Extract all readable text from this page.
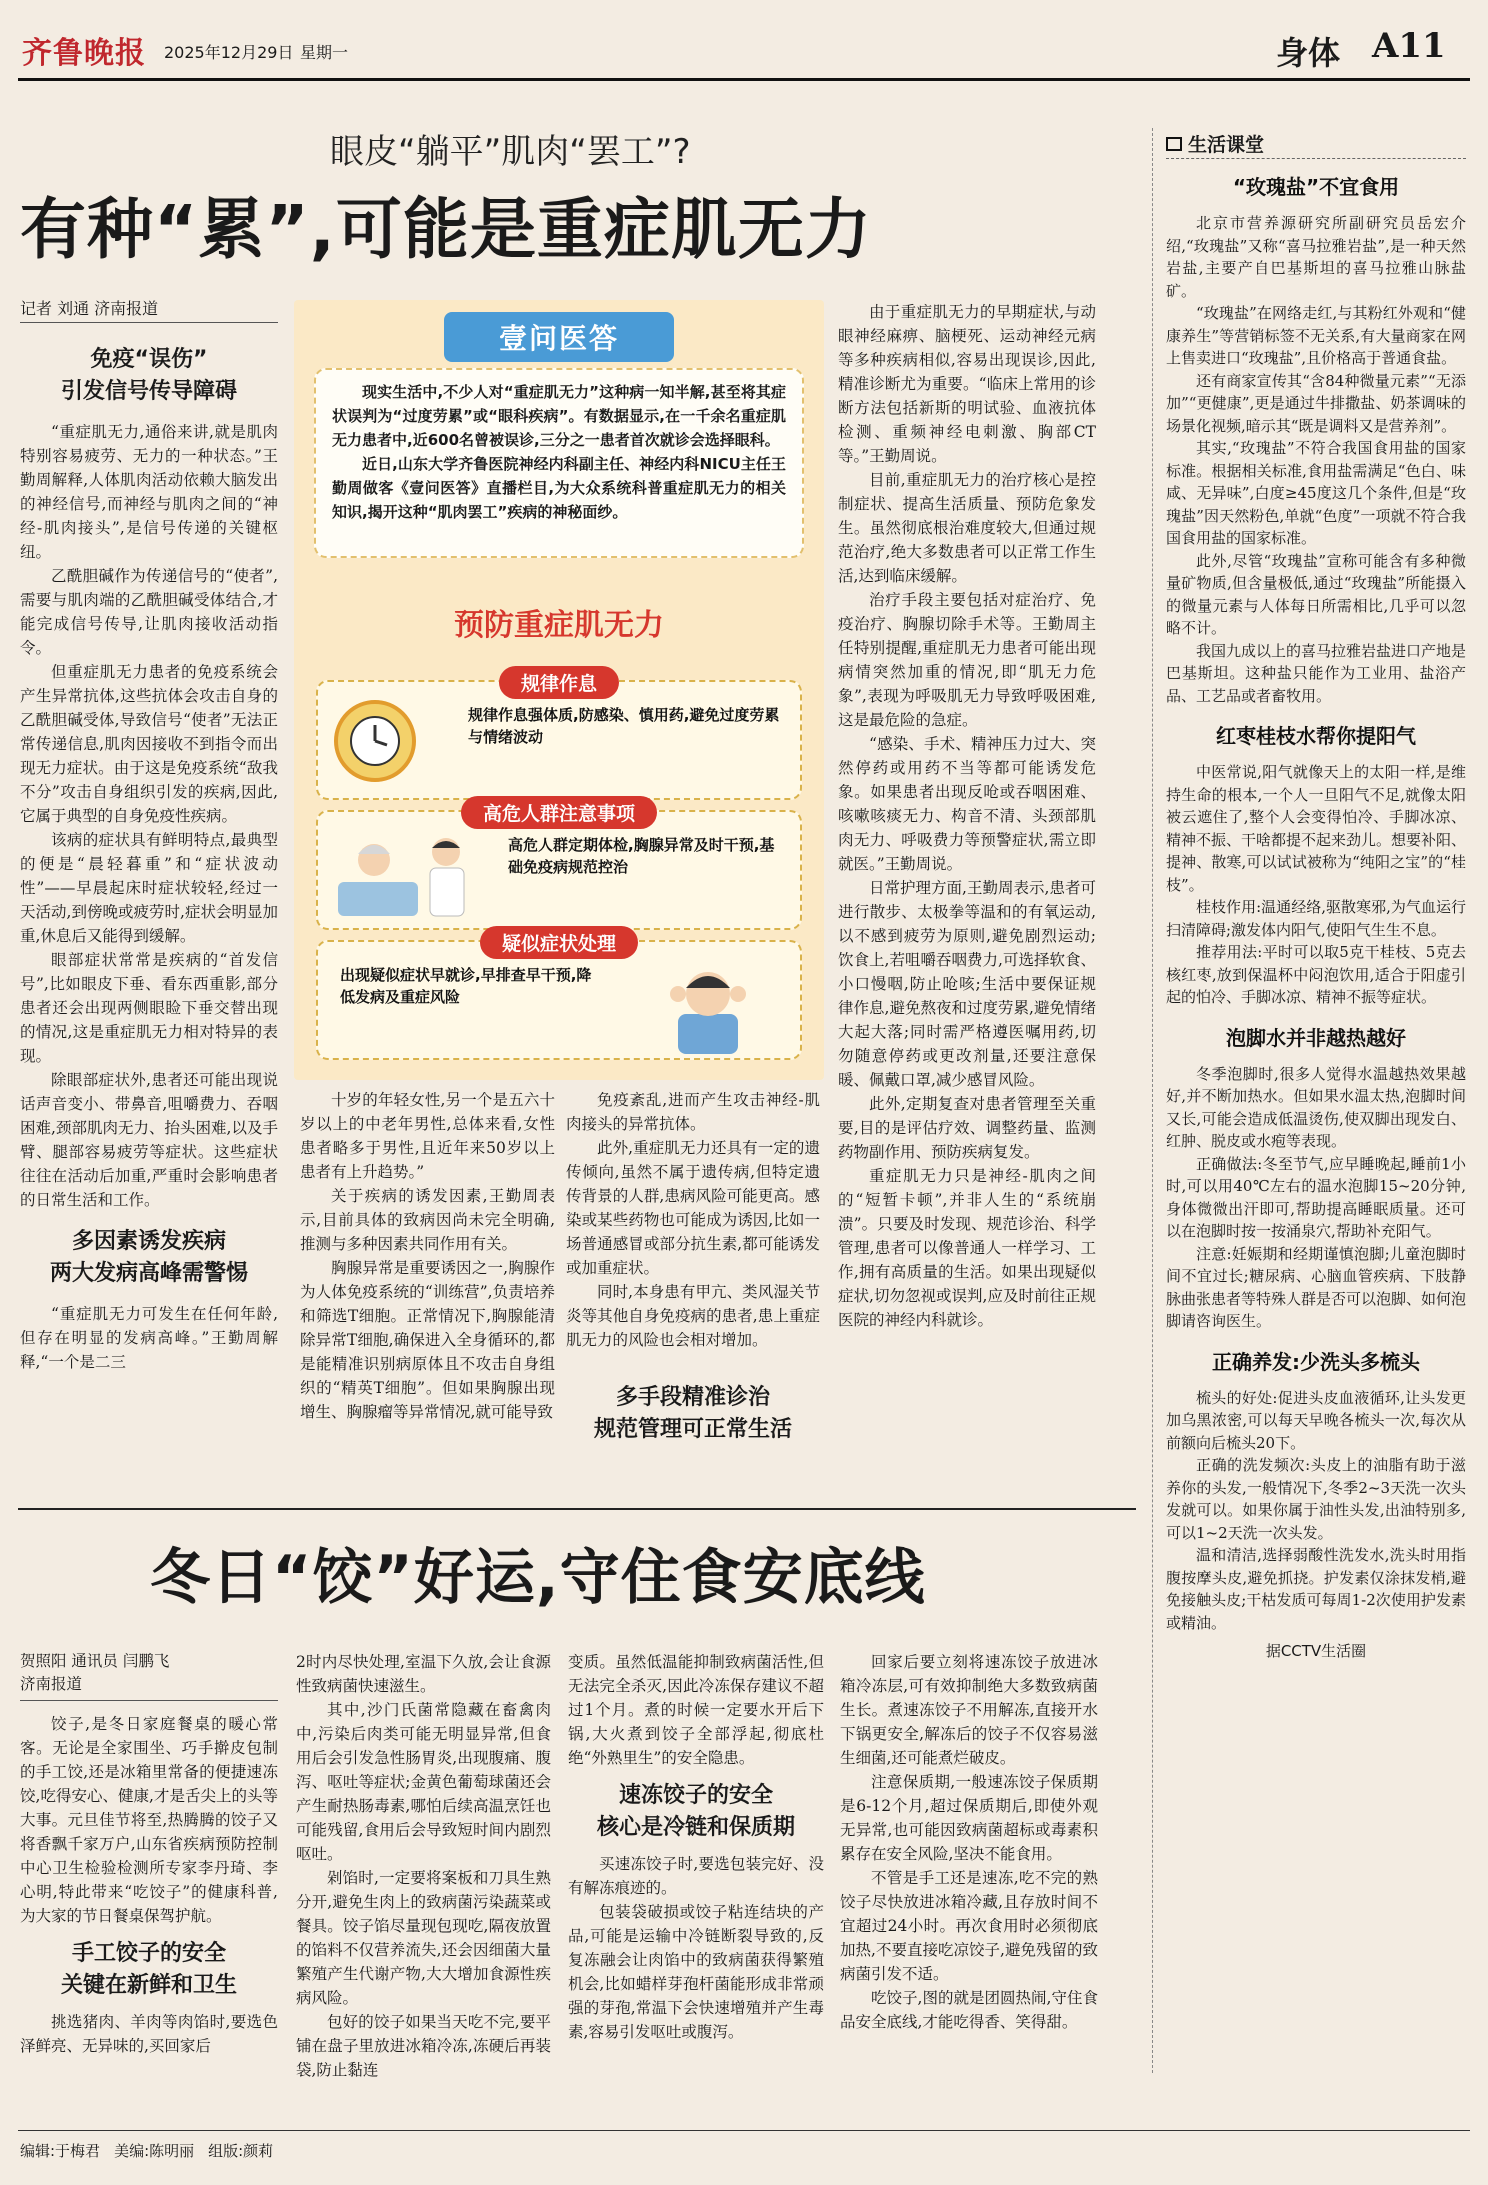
齐鲁晚报 2025年12月29日 星期一	身体 A11
眼皮“躺平”肌肉“罢工”?
有种“累”,可能是重症肌无力
记者 刘通 济南报道
免疫“误伤”
引发信号传导障碍

“重症肌无力,通俗来讲,就是肌肉特别容易疲劳、无力的一种状态。”王勤周解释,人体肌肉活动依赖大脑发出的神经信号,而神经与肌肉之间的“神经-肌肉接头”,是信号传递的关键枢纽。

乙酰胆碱作为传递信号的“使者”,需要与肌肉端的乙酰胆碱受体结合,才能完成信号传导,让肌肉接收活动指令。

但重症肌无力患者的免疫系统会产生异常抗体,这些抗体会攻击自身的乙酰胆碱受体,导致信号“使者”无法正常传递信息,肌肉因接收不到指令而出现无力症状。由于这是免疫系统“敌我不分”攻击自身组织引发的疾病,因此,它属于典型的自身免疫性疾病。

该病的症状具有鲜明特点,最典型的便是“晨轻暮重”和“症状波动性”——早晨起床时症状较轻,经过一天活动,到傍晚或疲劳时,症状会明显加重,休息后又能得到缓解。

眼部症状常常是疾病的“首发信号”,比如眼皮下垂、看东西重影,部分患者还会出现两侧眼睑下垂交替出现的情况,这是重症肌无力相对特异的表现。

除眼部症状外,患者还可能出现说话声音变小、带鼻音,咀嚼费力、吞咽困难,颈部肌肉无力、抬头困难,以及手臂、腿部容易疲劳等症状。这些症状往往在活动后加重,严重时会影响患者的日常生活和工作。

多因素诱发疾病
两大发病高峰需警惕

“重症肌无力可发生在任何年龄,但存在明显的发病高峰。”王勤周解释,“一个是二三

壹问医答

现实生活中,不少人对“重症肌无力”这种病一知半解,甚至将其症状误判为“过度劳累”或“眼科疾病”。有数据显示,在一千余名重症肌无力患者中,近600名曾被误诊,三分之一患者首次就诊会选择眼科。

近日,山东大学齐鲁医院神经内科副主任、神经内科NICU主任王勤周做客《壹问医答》直播栏目,为大众系统科普重症肌无力的相关知识,揭开这种“肌肉罢工”疾病的神秘面纱。

预防重症肌无力
规律作息
规律作息强体质,防感染、慎用药,避免过度劳累与情绪波动
高危人群注意事项
高危人群定期体检,胸腺异常及时干预,基础免疫病规范控治
疑似症状处理
出现疑似症状早就诊,早排查早干预,降低发病及重症风险

十岁的年轻女性,另一个是五六十岁以上的中老年男性,总体来看,女性患者略多于男性,且近年来50岁以上患者有上升趋势。”

关于疾病的诱发因素,王勤周表示,目前具体的致病因尚未完全明确,推测与多种因素共同作用有关。

胸腺异常是重要诱因之一,胸腺作为人体免疫系统的“训练营”,负责培养和筛选T细胞。正常情况下,胸腺能清除异常T细胞,确保进入全身循环的,都是能精准识别病原体且不攻击自身组织的“精英T细胞”。但如果胸腺出现增生、胸腺瘤等异常情况,就可能导致

免疫紊乱,进而产生攻击神经-肌肉接头的异常抗体。

此外,重症肌无力还具有一定的遗传倾向,虽然不属于遗传病,但特定遗传背景的人群,患病风险可能更高。感染或某些药物也可能成为诱因,比如一场普通感冒或部分抗生素,都可能诱发或加重症状。

同时,本身患有甲亢、类风湿关节炎等其他自身免疫病的患者,患上重症肌无力的风险也会相对增加。

多手段精准诊治
规范管理可正常生活

由于重症肌无力的早期症状,与动眼神经麻痹、脑梗死、运动神经元病等多种疾病相似,容易出现误诊,因此,精准诊断尤为重要。“临床上常用的诊断方法包括新斯的明试验、血液抗体检测、重频神经电刺激、胸部CT等。”王勤周说。

目前,重症肌无力的治疗核心是控制症状、提高生活质量、预防危象发生。虽然彻底根治难度较大,但通过规范治疗,绝大多数患者可以正常工作生活,达到临床缓解。

治疗手段主要包括对症治疗、免疫治疗、胸腺切除手术等。王勤周主任特别提醒,重症肌无力患者可能出现病情突然加重的情况,即“肌无力危象”,表现为呼吸肌无力导致呼吸困难,这是最危险的急症。

“感染、手术、精神压力过大、突然停药或用药不当等都可能诱发危象。如果患者出现反呛或吞咽困难、咳嗽咳痰无力、构音不清、头颈部肌肉无力、呼吸费力等预警症状,需立即就医。”王勤周说。

日常护理方面,王勤周表示,患者可进行散步、太极拳等温和的有氧运动,以不感到疲劳为原则,避免剧烈运动;饮食上,若咀嚼吞咽费力,可选择软食、小口慢咽,防止呛咳;生活中要保证规律作息,避免熬夜和过度劳累,避免情绪大起大落;同时需严格遵医嘱用药,切勿随意停药或更改剂量,还要注意保暖、佩戴口罩,减少感冒风险。

此外,定期复查对患者管理至关重要,目的是评估疗效、调整药量、监测药物副作用、预防疾病复发。

重症肌无力只是神经-肌肉之间的“短暂卡顿”,并非人生的“系统崩溃”。只要及时发现、规范诊治、科学管理,患者可以像普通人一样学习、工作,拥有高质量的生活。如果出现疑似症状,切勿忽视或误判,应及时前往正规医院的神经内科就诊。

生活课堂
“玫瑰盐”不宜食用

北京市营养源研究所副研究员岳宏介绍,“玫瑰盐”又称“喜马拉雅岩盐”,是一种天然岩盐,主要产自巴基斯坦的喜马拉雅山脉盐矿。

“玫瑰盐”在网络走红,与其粉红外观和“健康养生”等营销标签不无关系,有大量商家在网上售卖进口“玫瑰盐”,且价格高于普通食盐。

还有商家宣传其“含84种微量元素”“无添加”“更健康”,更是通过牛排撒盐、奶茶调味的场景化视频,暗示其“既是调料又是营养剂”。

其实,“玫瑰盐”不符合我国食用盐的国家标准。根据相关标准,食用盐需满足“色白、味咸、无异味”,白度≥45度这几个条件,但是“玫瑰盐”因天然粉色,单就“色度”一项就不符合我国食用盐的国家标准。

此外,尽管“玫瑰盐”宣称可能含有多种微量矿物质,但含量极低,通过“玫瑰盐”所能摄入的微量元素与人体每日所需相比,几乎可以忽略不计。

我国九成以上的喜马拉雅岩盐进口产地是巴基斯坦。这种盐只能作为工业用、盐浴产品、工艺品或者畜牧用。

红枣桂枝水帮你提阳气

中医常说,阳气就像天上的太阳一样,是维持生命的根本,一个人一旦阳气不足,就像太阳被云遮住了,整个人会变得怕冷、手脚冰凉、精神不振、干啥都提不起来劲儿。想要补阳、提神、散寒,可以试试被称为“纯阳之宝”的“桂枝”。

桂枝作用:温通经络,驱散寒邪,为气血运行扫清障碍;激发体内阳气,使阳气生生不息。

推荐用法:平时可以取5克干桂枝、5克去核红枣,放到保温杯中闷泡饮用,适合于阳虚引起的怕冷、手脚冰凉、精神不振等症状。

泡脚水并非越热越好

冬季泡脚时,很多人觉得水温越热效果越好,并不断加热水。但如果水温太热,泡脚时间又长,可能会造成低温烫伤,使双脚出现发白、红肿、脱皮或水疱等表现。

正确做法:冬至节气,应早睡晚起,睡前1小时,可以用40℃左右的温水泡脚15~20分钟,身体微微出汗即可,帮助提高睡眠质量。还可以在泡脚时按一按涌泉穴,帮助补充阳气。

注意:妊娠期和经期谨慎泡脚;儿童泡脚时间不宜过长;糖尿病、心脑血管疾病、下肢静脉曲张患者等特殊人群是否可以泡脚、如何泡脚请咨询医生。

正确养发:少洗头多梳头

梳头的好处:促进头皮血液循环,让头发更加乌黑浓密,可以每天早晚各梳头一次,每次从前额向后梳头20下。

正确的洗发频次:头皮上的油脂有助于滋养你的头发,一般情况下,冬季2~3天洗一次头发就可以。如果你属于油性头发,出油特别多,可以1~2天洗一次头发。

温和清洁,选择弱酸性洗发水,洗头时用指腹按摩头皮,避免抓挠。护发素仅涂抹发梢,避免接触头皮;干枯发质可每周1-2次使用护发素或精油。

据CCTV生活圈
冬日“饺”好运,守住食安底线
贺照阳 通讯员 闫鹏飞
济南报道

饺子,是冬日家庭餐桌的暖心常客。无论是全家围坐、巧手擀皮包制的手工饺,还是冰箱里常备的便捷速冻饺,吃得安心、健康,才是舌尖上的头等大事。元旦佳节将至,热腾腾的饺子又将香飘千家万户,山东省疾病预防控制中心卫生检验检测所专家李丹琦、李心明,特此带来“吃饺子”的健康科普,为大家的节日餐桌保驾护航。

手工饺子的安全
关键在新鲜和卫生

挑选猪肉、羊肉等肉馅时,要选色泽鲜亮、无异味的,买回家后

2时内尽快处理,室温下久放,会让食源性致病菌快速滋生。

其中,沙门氏菌常隐藏在畜禽肉中,污染后肉类可能无明显异常,但食用后会引发急性肠胃炎,出现腹痛、腹泻、呕吐等症状;金黄色葡萄球菌还会产生耐热肠毒素,哪怕后续高温烹饪也可能残留,食用后会导致短时间内剧烈呕吐。

剁馅时,一定要将案板和刀具生熟分开,避免生肉上的致病菌污染蔬菜或餐具。饺子馅尽量现包现吃,隔夜放置的馅料不仅营养流失,还会因细菌大量繁殖产生代谢产物,大大增加食源性疾病风险。

包好的饺子如果当天吃不完,要平铺在盘子里放进冰箱冷冻,冻硬后再装袋,防止黏连

变质。虽然低温能抑制致病菌活性,但无法完全杀灭,因此冷冻保存建议不超过1个月。煮的时候一定要水开后下锅,大火煮到饺子全部浮起,彻底杜绝“外熟里生”的安全隐患。

速冻饺子的安全
核心是冷链和保质期

买速冻饺子时,要选包装完好、没有解冻痕迹的。

包装袋破损或饺子粘连结块的产品,可能是运输中冷链断裂导致的,反复冻融会让肉馅中的致病菌获得繁殖机会,比如蜡样芽孢杆菌能形成非常顽强的芽孢,常温下会快速增殖并产生毒素,容易引发呕吐或腹泻。

回家后要立刻将速冻饺子放进冰箱冷冻层,可有效抑制绝大多数致病菌生长。煮速冻饺子不用解冻,直接开水下锅更安全,解冻后的饺子不仅容易滋生细菌,还可能煮烂破皮。

注意保质期,一般速冻饺子保质期是6-12个月,超过保质期后,即使外观无异常,也可能因致病菌超标或毒素积累存在安全风险,坚决不能食用。

不管是手工还是速冻,吃不完的熟饺子尽快放进冰箱冷藏,且存放时间不宜超过24小时。再次食用时必须彻底加热,不要直接吃凉饺子,避免残留的致病菌引发不适。

吃饺子,图的就是团圆热闹,守住食品安全底线,才能吃得香、笑得甜。

编辑:于梅君 美编:陈明丽 组版:颜莉
